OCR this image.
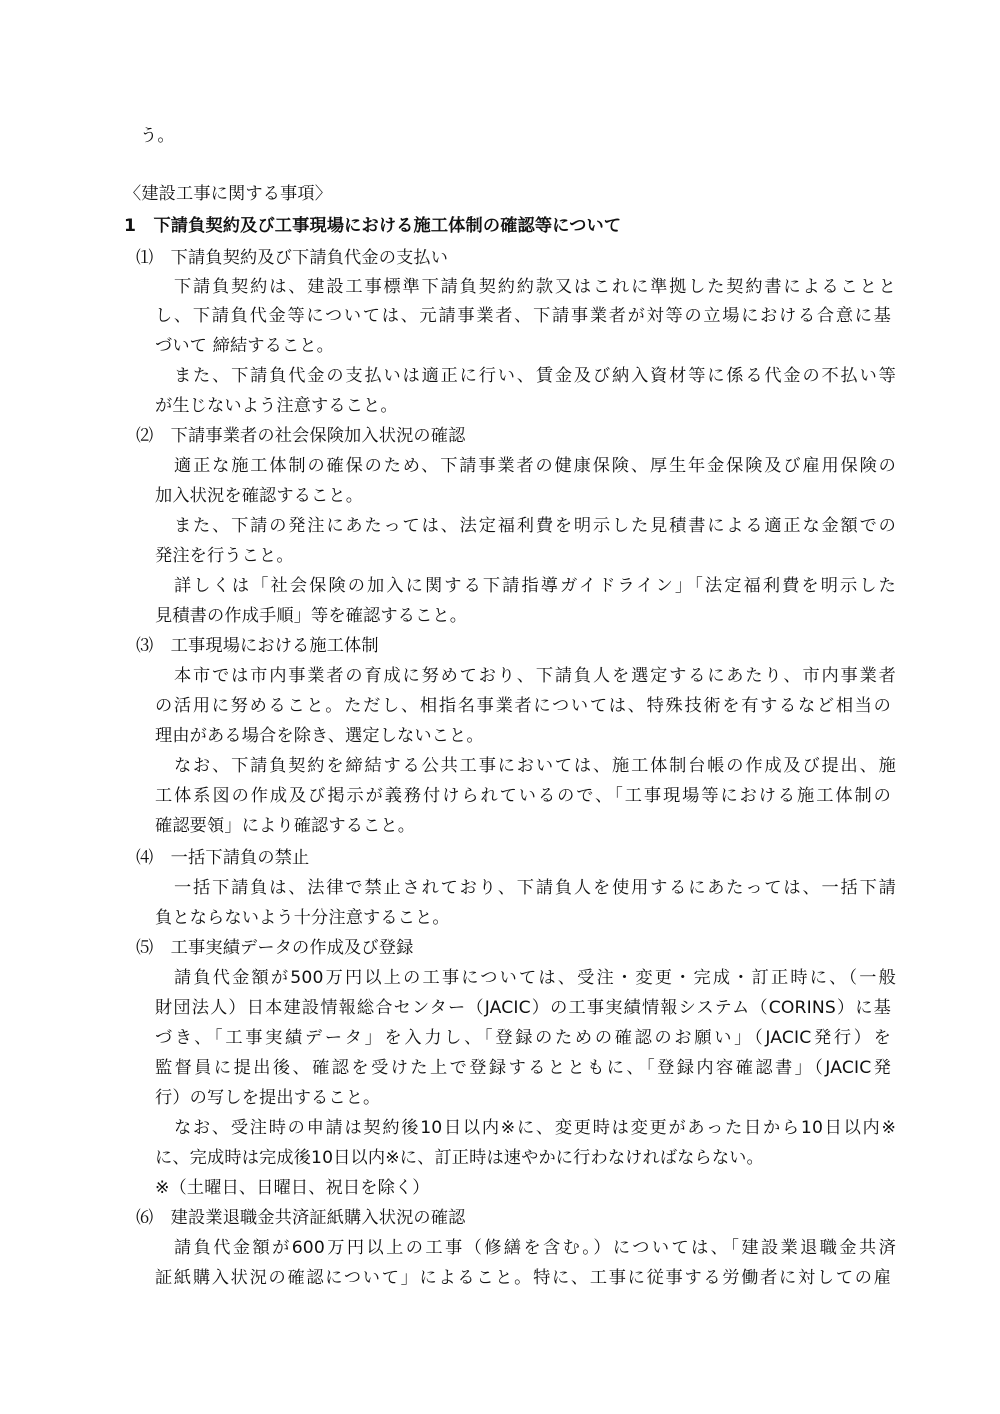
う。
〈建設工事に関する事項〉
1　下請負契約及び工事現場における施工体制の確認等について
⑴　下請負契約及び下請負代金の支払い
下請負契約は、建設工事標準下請負契約約款又はこれに準拠した契約書によることと
し、下請負代金等については、元請事業者、下請事業者が対等の立場における合意に基
づいて 締結すること。
また、下請負代金の支払いは適正に行い、賃金及び納入資材等に係る代金の不払い等
が生じないよう注意すること。
⑵　下請事業者の社会保険加入状況の確認
適正な施工体制の確保のため、下請事業者の健康保険、厚生年金保険及び雇用保険の
加入状況を確認すること。
また、下請の発注にあたっては、法定福利費を明示した見積書による適正な金額での
発注を行うこと。
詳しくは「社会保険の加入に関する下請指導ガイドライン」「法定福利費を明示した
見積書の作成手順」等を確認すること。
⑶　工事現場における施工体制
本市では市内事業者の育成に努めており、下請負人を選定するにあたり、市内事業者
の活用に努めること。ただし、相指名事業者については、特殊技術を有するなど相当の
理由がある場合を除き、選定しないこと。
なお、下請負契約を締結する公共工事においては、施工体制台帳の作成及び提出、施
工体系図の作成及び掲示が義務付けられているので、「工事現場等における施工体制の
確認要領」により確認すること。
⑷　一括下請負の禁止
一括下請負は、法律で禁止されており、下請負人を使用するにあたっては、一括下請
負とならないよう十分注意すること。
⑸　工事実績データの作成及び登録
請負代金額が500万円以上の工事については、受注・変更・完成・訂正時に、（一般
財団法人）日本建設情報総合センター（JACIC）の工事実績情報システム（CORINS）に基
づき、「工事実績データ」を入力し、「登録のための確認のお願い」（JACIC発行）を
監督員に提出後、確認を受けた上で登録するとともに、「登録内容確認書」（JACIC発
行）の写しを提出すること。
なお、受注時の申請は契約後10日以内※に、変更時は変更があった日から10日以内※
に、完成時は完成後10日以内※に、訂正時は速やかに行わなければならない。
※（土曜日、日曜日、祝日を除く）
⑹　建設業退職金共済証紙購入状況の確認
請負代金額が600万円以上の工事（修繕を含む。）については、「建設業退職金共済
証紙購入状況の確認について」によること。特に、工事に従事する労働者に対しての雇
